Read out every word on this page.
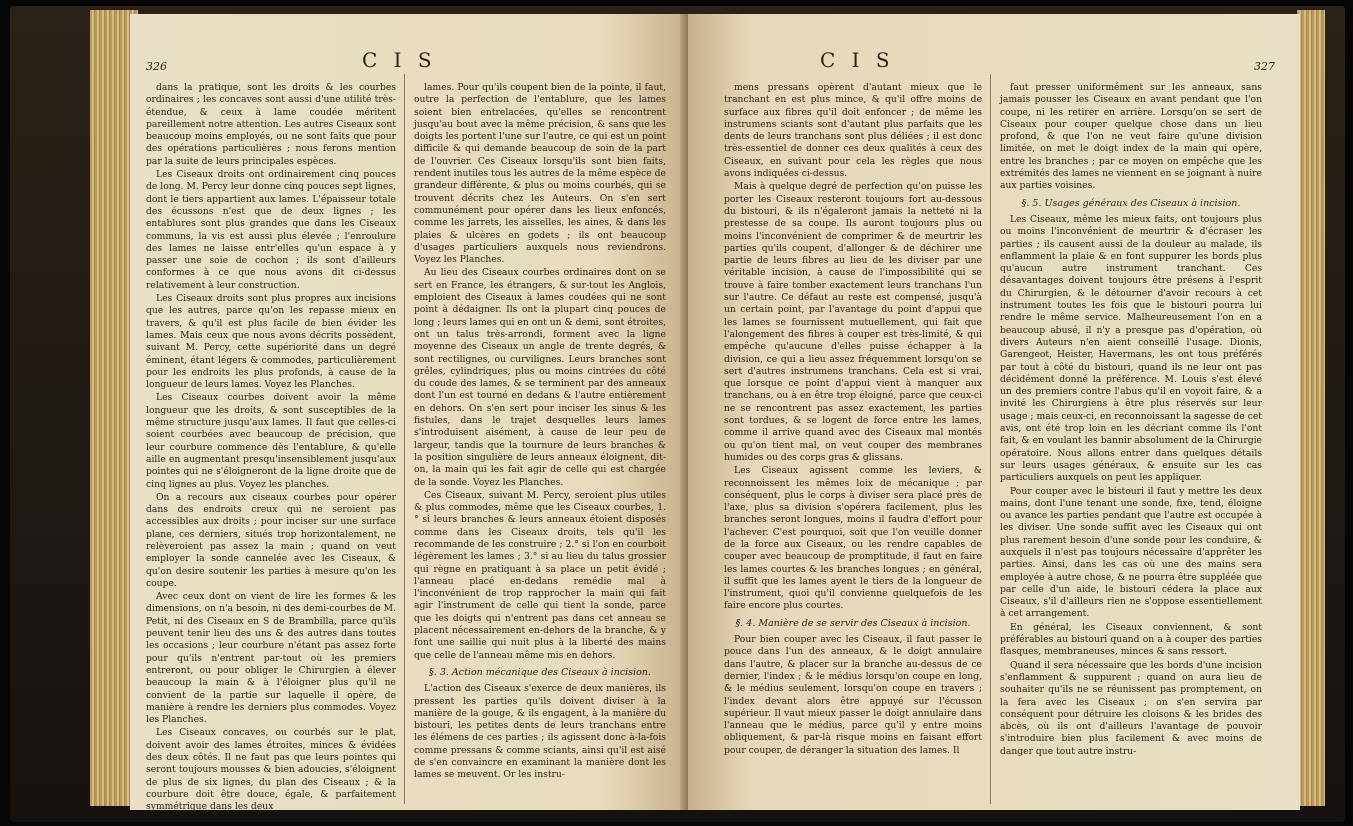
326	C I S

dans la pratique, sont les droits & les courbes ordinaires ; les concaves sont aussi d'une utilité très-étendue, & ceux à lame coudée méritent pareillement notre attention. Les autres Ciseaux sont beaucoup moins employés, ou ne sont faits que pour des opérations particulières ; nous ferons mention par la suite de leurs principales espèces.

Les Ciseaux droits ont ordinairement cinq pouces de long. M. Percy leur donne cinq pouces sept lignes, dont le tiers appartient aux lames. L'épaisseur totale des écussons n'est que de deux lignes ; les entablures sont plus grandes que dans les Ciseaux communs, la vis est aussi plus élevée ; l'enroulure des lames ne laisse entr'elles qu'un espace à y passer une soie de cochon ; ils sont d'ailleurs conformes à ce que nous avons dit ci-dessus relativement à leur construction.

Les Ciseaux droits sont plus propres aux incisions que les autres, parce qu'on les repasse mieux en travers, & qu'il est plus facile de bien évider les lames. Mais ceux que nous avons décrits possèdent, suivant M. Percy, cette supériorité dans un degré éminent, étant légers & commodes, particulièrement pour les endroits les plus profonds, à cause de la longueur de leurs lames. Voyez les Planches.

Les Ciseaux courbes doivent avoir la même longueur que les droits, & sont susceptibles de la même structure jusqu'aux lames. Il faut que celles-ci soient courbées avec beaucoup de précision, que leur courbure commence dès l'entablure, & qu'elle aille en augmentant presqu'insensiblement jusqu'aux pointes qui ne s'éloigneront de la ligne droite que de cinq lignes au plus. Voyez les planches.

On a recours aux ciseaux courbes pour opérer dans des endroits creux qui ne seroient pas accessibles aux droits ; pour inciser sur une surface plane, ces derniers, situés trop horizontalement, ne relèveroient pas assez la main ; quand on veut employer la sonde cannelée avec les Ciseaux, & qu'on desire soutenir les parties à mesure qu'on les coupe.

Avec ceux dont on vient de lire les formes & les dimensions, on n'a besoin, ni des demi-courbes de M. Petit, ni des Ciseaux en S de Brambilla, parce qu'ils peuvent tenir lieu des uns & des autres dans toutes les occasions ; leur courbure n'étant pas assez forte pour qu'ils n'entrent par-tout où les premiers entreront, ou pour obliger le Chirurgien à élever beaucoup la main & à l'éloigner plus qu'il ne convient de la partie sur laquelle il opère, de manière à rendre les derniers plus commodes. Voyez les Planches.

Les Ciseaux concaves, ou courbés sur le plat, doivent avoir des lames étroites, minces & évidées des deux côtés. Il ne faut pas que leurs pointes qui seront toujours mousses & bien adoucies, s'éloignent de plus de six lignes, du plan des Ciseaux ; & la courbure doit être douce, égale, & parfaitement symmétrique dans les deux

lames. Pour qu'ils coupent bien de la pointe, il faut, outre la perfection de l'entablure, que les lames soient bien entrelacées, qu'elles se rencontrent jusqu'au bout avec la même précision, & sans que les doigts les portent l'une sur l'autre, ce qui est un point difficile & qui demande beaucoup de soin de la part de l'ouvrier. Ces Ciseaux lorsqu'ils sont bien faits, rendent inutiles tous les autres de la même espèce de grandeur différente, & plus ou moins courbés, qui se trouvent décrits chez les Auteurs. On s'en sert communément pour opérer dans les lieux enfoncés, comme les jarrets, les aisselles, les aines, & dans les plaies & ulcères en godets ; ils ont beaucoup d'usages particuliers auxquels nous reviendrons. Voyez les Planches.

Au lieu des Ciseaux courbes ordinaires dont on se sert en France, les étrangers, & sur-tout les Anglois, emploient des Ciseaux à lames coudées qui ne sont point à dédaigner. Ils ont la plupart cinq pouces de long ; leurs lames qui en ont un & demi, sont étroites, ont un talus très-arrondi, forment avec la ligne moyenne des Ciseaux un angle de trente degrés, & sont rectilignes, ou curvilignes. Leurs branches sont grêles, cylindriques, plus ou moins cintrées du côté du coude des lames, & se terminent par des anneaux dont l'un est tourné en dedans & l'autre entièrement en dehors. On s'en sert pour inciser les sinus & les fistules, dans le trajet desquelles leurs lames s'introduisent aisément, à cause de leur peu de largeur, tandis que la tournure de leurs branches & la position singulière de leurs anneaux éloignent, dit-on, la main qui les fait agir de celle qui est chargée de la sonde. Voyez les Planches.

Ces Ciseaux, suivant M. Percy, seroient plus utiles & plus commodes, même que les Ciseaux courbes, 1.° si leurs branches & leurs anneaux étoient disposés comme dans les Ciseaux droits, tels qu'il les recommande de les construire ; 2.° si l'on en courboit légèrement les lames ; 3.° si au lieu du talus grossier qui règne en pratiquant à sa place un petit évidé ; l'anneau placé en-dedans remédie mal à l'inconvénient de trop rapprocher la main qui fait agir l'instrument de celle qui tient la sonde, parce que les doigts qui n'entrent pas dans cet anneau se placent nécessairement en-dehors de la branche, & y font une saillie qui nuit plus à la liberté des mains que celle de l'anneau même mis en dehors.

§. 3. Action mécanique des Ciseaux à incision.

L'action des Ciseaux s'exerce de deux manières, ils pressent les parties qu'ils doivent diviser à la manière de la gouge, & ils engagent, à la manière du bistouri, les petites dents de leurs tranchans entre les élémens de ces parties ; ils agissent donc à-la-fois comme pressans & comme sciants, ainsi qu'il est aisé de s'en convaincre en examinant la manière dont les lames se meuvent. Or les instru-

C I S	327

mens pressans opèrent d'autant mieux que le tranchant en est plus mince, & qu'il offre moins de surface aux fibres qu'il doit enfoncer ; de même les instrumens sciants sont d'autant plus parfaits que les dents de leurs tranchans sont plus déliées ; il est donc très-essentiel de donner ces deux qualités à ceux des Ciseaux, en suivant pour cela les règles que nous avons indiquées ci-dessus.

Mais à quelque degré de perfection qu'on puisse les porter les Ciseaux resteront toujours fort au-dessous du bistouri, & ils n'égaleront jamais la netteté ni la prestesse de sa coupe. Ils auront toujours plus ou moins l'inconvénient de comprimer & de meurtrir les parties qu'ils coupent, d'allonger & de déchirer une partie de leurs fibres au lieu de les diviser par une véritable incision, à cause de l'impossibilité qui se trouve à faire tomber exactement leurs tranchans l'un sur l'autre. Ce défaut au reste est compensé, jusqu'à un certain point, par l'avantage du point d'appui que les lames se fournissent mutuellement, qui fait que l'alongement des fibres à couper est très-limité, & qui empêche qu'aucune d'elles puisse échapper à la division, ce qui a lieu assez fréquemment lorsqu'on se sert d'autres instrumens tranchans. Cela est si vrai, que lorsque ce point d'appui vient à manquer aux tranchans, ou à en être trop éloigné, parce que ceux-ci ne se rencontrent pas assez exactement, les parties sont tordues, & se logent de force entre les lames, comme il arrive quand avec des Ciseaux mal montés ou qu'on tient mal, on veut couper des membranes humides ou des corps gras & glissans.

Les Ciseaux agissent comme les leviers, & reconnoissent les mêmes loix de mécanique ; par conséquent, plus le corps à diviser sera placé près de l'axe, plus sa division s'opérera facilement, plus les branches seront longues, moins il faudra d'effort pour l'achever. C'est pourquoi, soit que l'on veuille donner de la force aux Ciseaux, ou les rendre capables de couper avec beaucoup de promptitude, il faut en faire les lames courtes & les branches longues ; en général, il suffit que les lames ayent le tiers de la longueur de l'instrument, quoi qu'il convienne quelquefois de les faire encore plus courtes.

§. 4. Manière de se servir des Ciseaux à incision.

Pour bien couper avec les Ciseaux, il faut passer le pouce dans l'un des anneaux, & le doigt annulaire dans l'autre, & placer sur la branche au-dessus de ce dernier, l'index ; & le médius lorsqu'on coupe en long, & le médius seulement, lorsqu'on coupe en travers ; l'index devant alors être appuyé sur l'écusson supérieur. Il vaut mieux passer le doigt annulaire dans l'anneau que le médius, parce qu'il y entre moins obliquement, & par-là risque moins en faisant effort pour couper, de déranger la situation des lames. Il

faut presser uniformément sur les anneaux, sans jamais pousser les Ciseaux en avant pendant que l'on coupe, ni les retirer en arrière. Lorsqu'on se sert de Ciseaux pour couper quelque chose dans un lieu profond, & que l'on ne veut faire qu'une division limitée, on met le doigt index de la main qui opère, entre les branches ; par ce moyen on empêche que les extrémités des lames ne viennent en se joignant à nuire aux parties voisines.

§. 5. Usages généraux des Ciseaux à incision.

Les Ciseaux, même les mieux faits, ont toujours plus ou moins l'inconvénient de meurtrir & d'écraser les parties ; ils causent aussi de la douleur au malade, ils enflamment la plaie & en font suppurer les bords plus qu'aucun autre instrument tranchant. Ces désavantages doivent toujours être présens à l'esprit du Chirurgien, & le détourner d'avoir recours à cet instrument toutes les fois que le bistouri pourra lui rendre le même service. Malheureusement l'on en a beaucoup abusé, il n'y a presque pas d'opération, où divers Auteurs n'en aient conseillé l'usage. Dionis, Garengeot, Heister, Havermans, les ont tous préférés par tout à côté du bistouri, quand ils ne leur ont pas décidément donné la préférence. M. Louis s'est élevé un des premiers contre l'abus qu'il en voyoit faire, & a invité les Chirurgiens à être plus réservés sur leur usage ; mais ceux-ci, en reconnoissant la sagesse de cet avis, ont été trop loin en les décriant comme ils l'ont fait, & en voulant les bannir absolument de la Chirurgie opératoire. Nous allons entrer dans quelques détails sur leurs usages généraux, & ensuite sur les cas particuliers auxquels on peut les appliquer.

Pour couper avec le bistouri il faut y mettre les deux mains, dont l'une tenant une sonde, fixe, tend, éloigne ou avance les parties pendant que l'autre est occupée à les diviser. Une sonde suffit avec les Ciseaux qui ont plus rarement besoin d'une sonde pour les conduire, & auxquels il n'est pas toujours nécessaire d'apprêter les parties. Ainsi, dans les cas où une des mains sera employée à autre chose, & ne pourra être suppléée que par celle d'un aide, le bistouri cédera la place aux Ciseaux, s'il d'ailleurs rien ne s'oppose essentiellement à cet arrangement.

En général, les Ciseaux conviennent, & sont préférables au bistouri quand on a à couper des parties flasques, membraneuses, minces & sans ressort.

Quand il sera nécessaire que les bords d'une incision s'enflamment & suppurent ; quand on aura lieu de souhaiter qu'ils ne se réunissent pas promptement, on la fera avec les Ciseaux ; on s'en servira par conséquent pour détruire les cloisons & les brides des abcès, où ils ont d'ailleurs l'avantage de pouvoir s'introduire bien plus facilement & avec moins de danger que tout autre instru-
